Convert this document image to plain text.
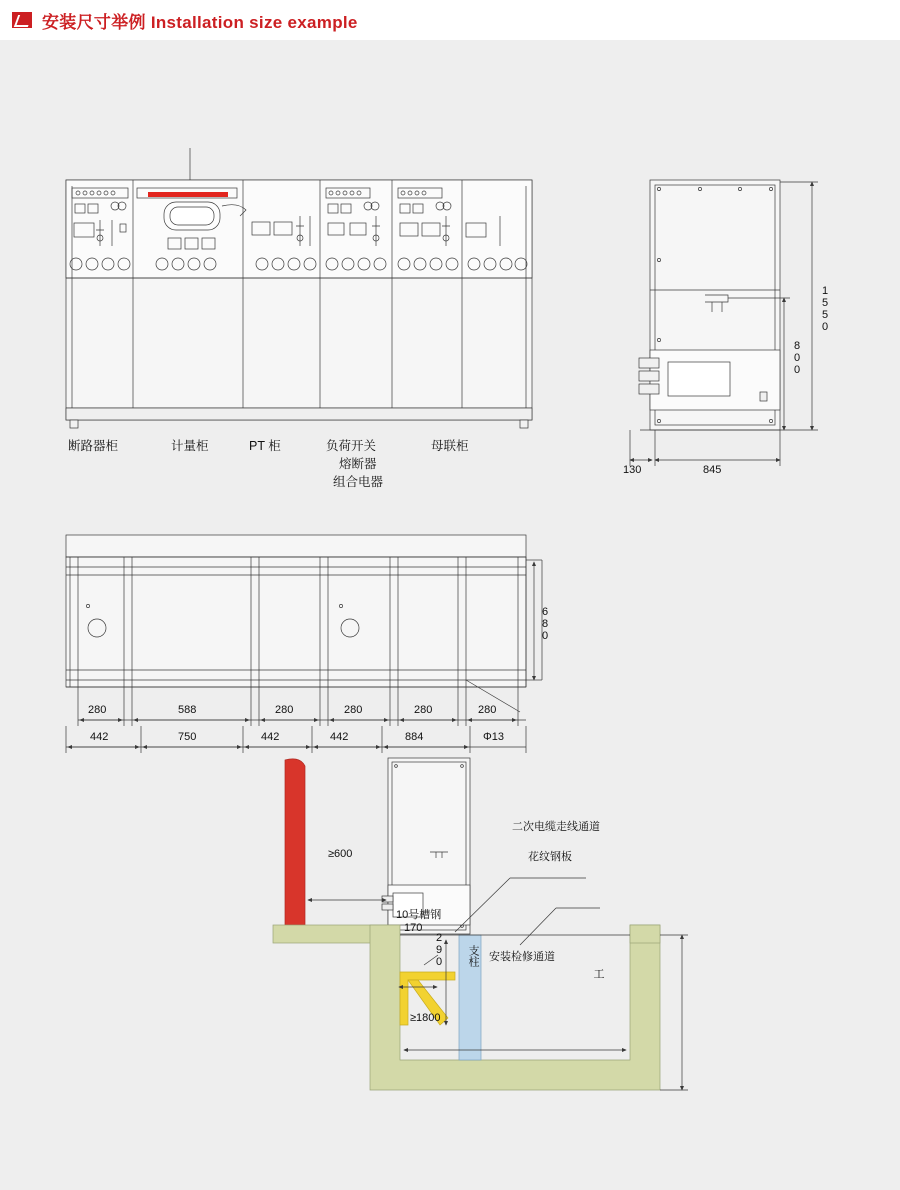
安装尺寸举例 Installation size example
断路器柜	计量柜	PT 柜	负荷开关
熔断器
组合电器
母联柜
1550
800
130	845
680
280	588	280	280	280	280
442	750	442	442	884	Φ13
二次电缆走线通道
花纹钢板
10号槽钢
支柱 安装检修通道
工
≥600
170
290
≥1800
